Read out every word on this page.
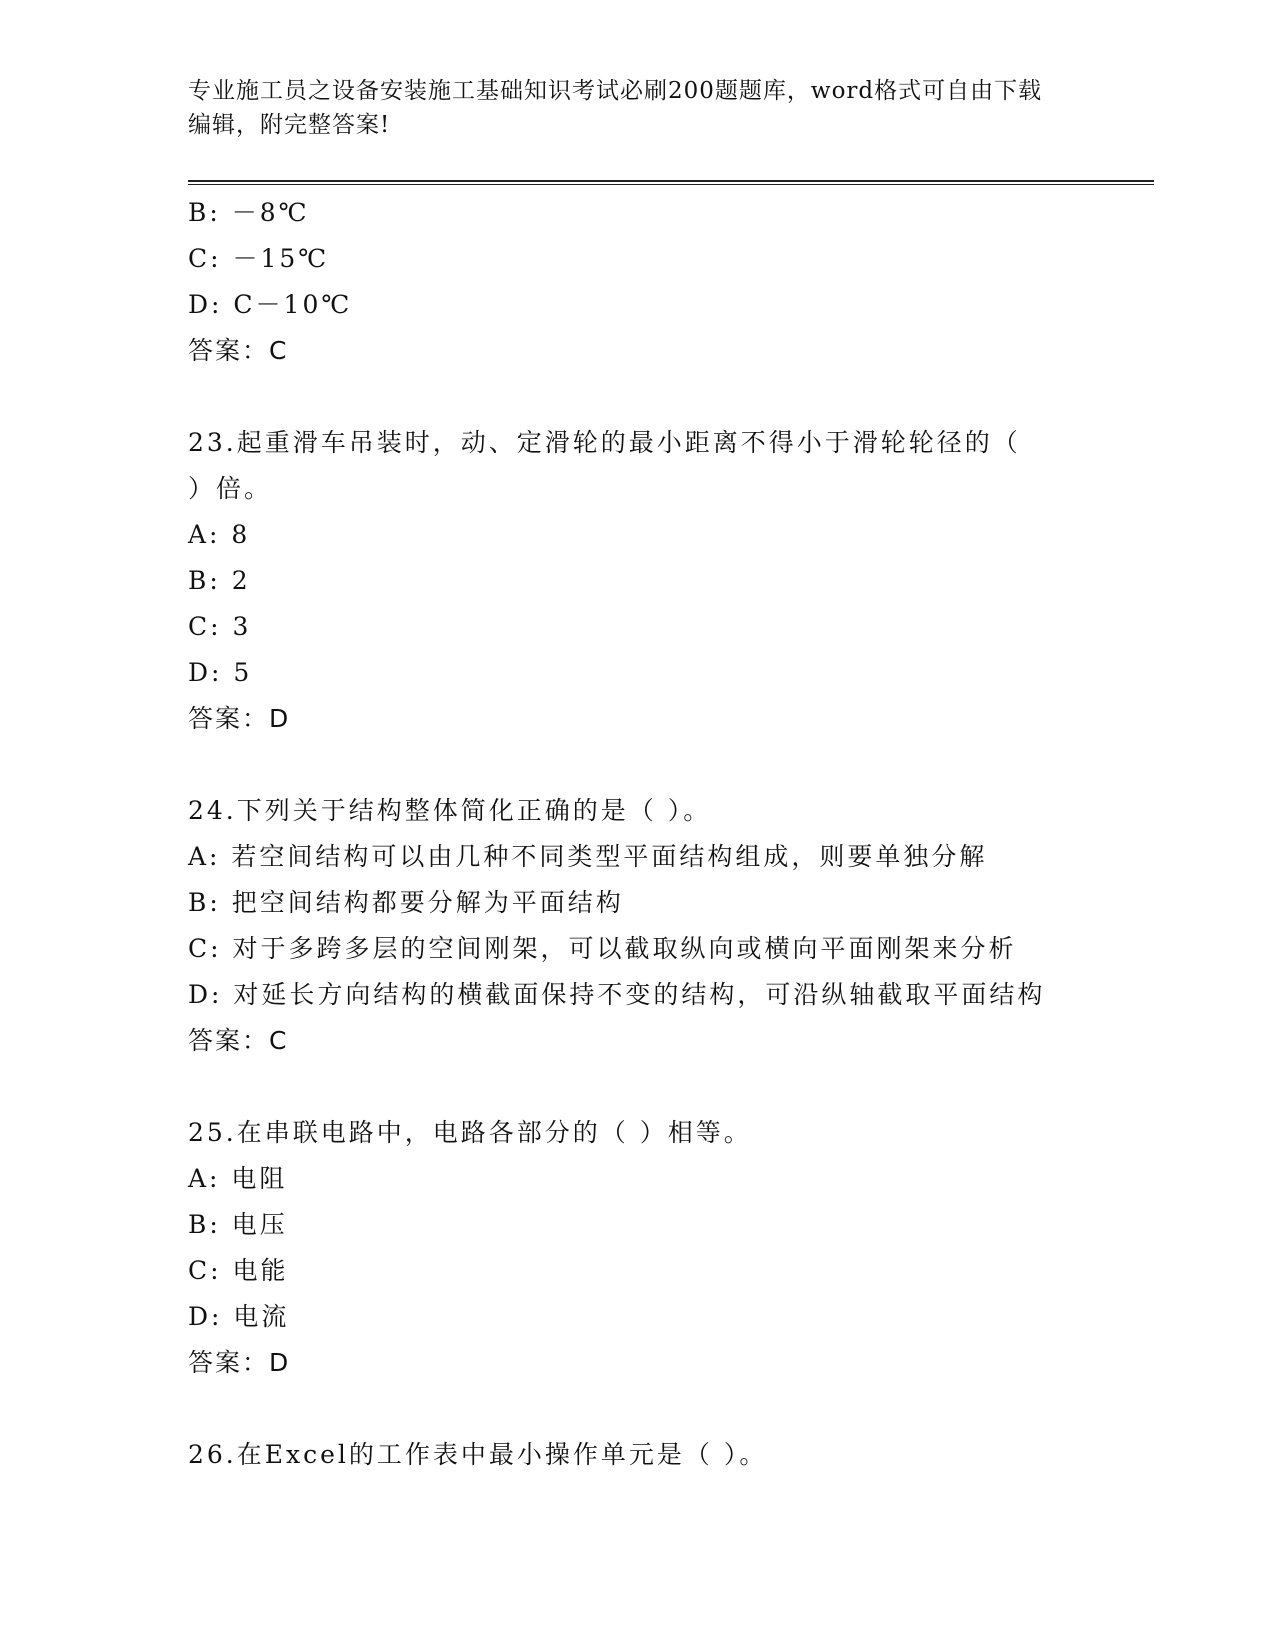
专业施工员之设备安装施工基础知识考试必刷200题题库，word格式可自由下载
编辑，附完整答案!
B: －8℃
C: －15℃
D: C－10℃
答案：C
23.起重滑车吊装时，动、定滑轮的最小距离不得小于滑轮轮径的（
）倍。
A: 8
B: 2
C: 3
D: 5
答案：D
24.下列关于结构整体简化正确的是（ ）。
A: 若空间结构可以由几种不同类型平面结构组成，则要单独分解
B: 把空间结构都要分解为平面结构
C: 对于多跨多层的空间刚架，可以截取纵向或横向平面刚架来分析
D: 对延长方向结构的横截面保持不变的结构，可沿纵轴截取平面结构
答案：C
25.在串联电路中，电路各部分的（ ）相等。
A: 电阻
B: 电压
C: 电能
D: 电流
答案：D
26.在Excel的工作表中最小操作单元是（ ）。
